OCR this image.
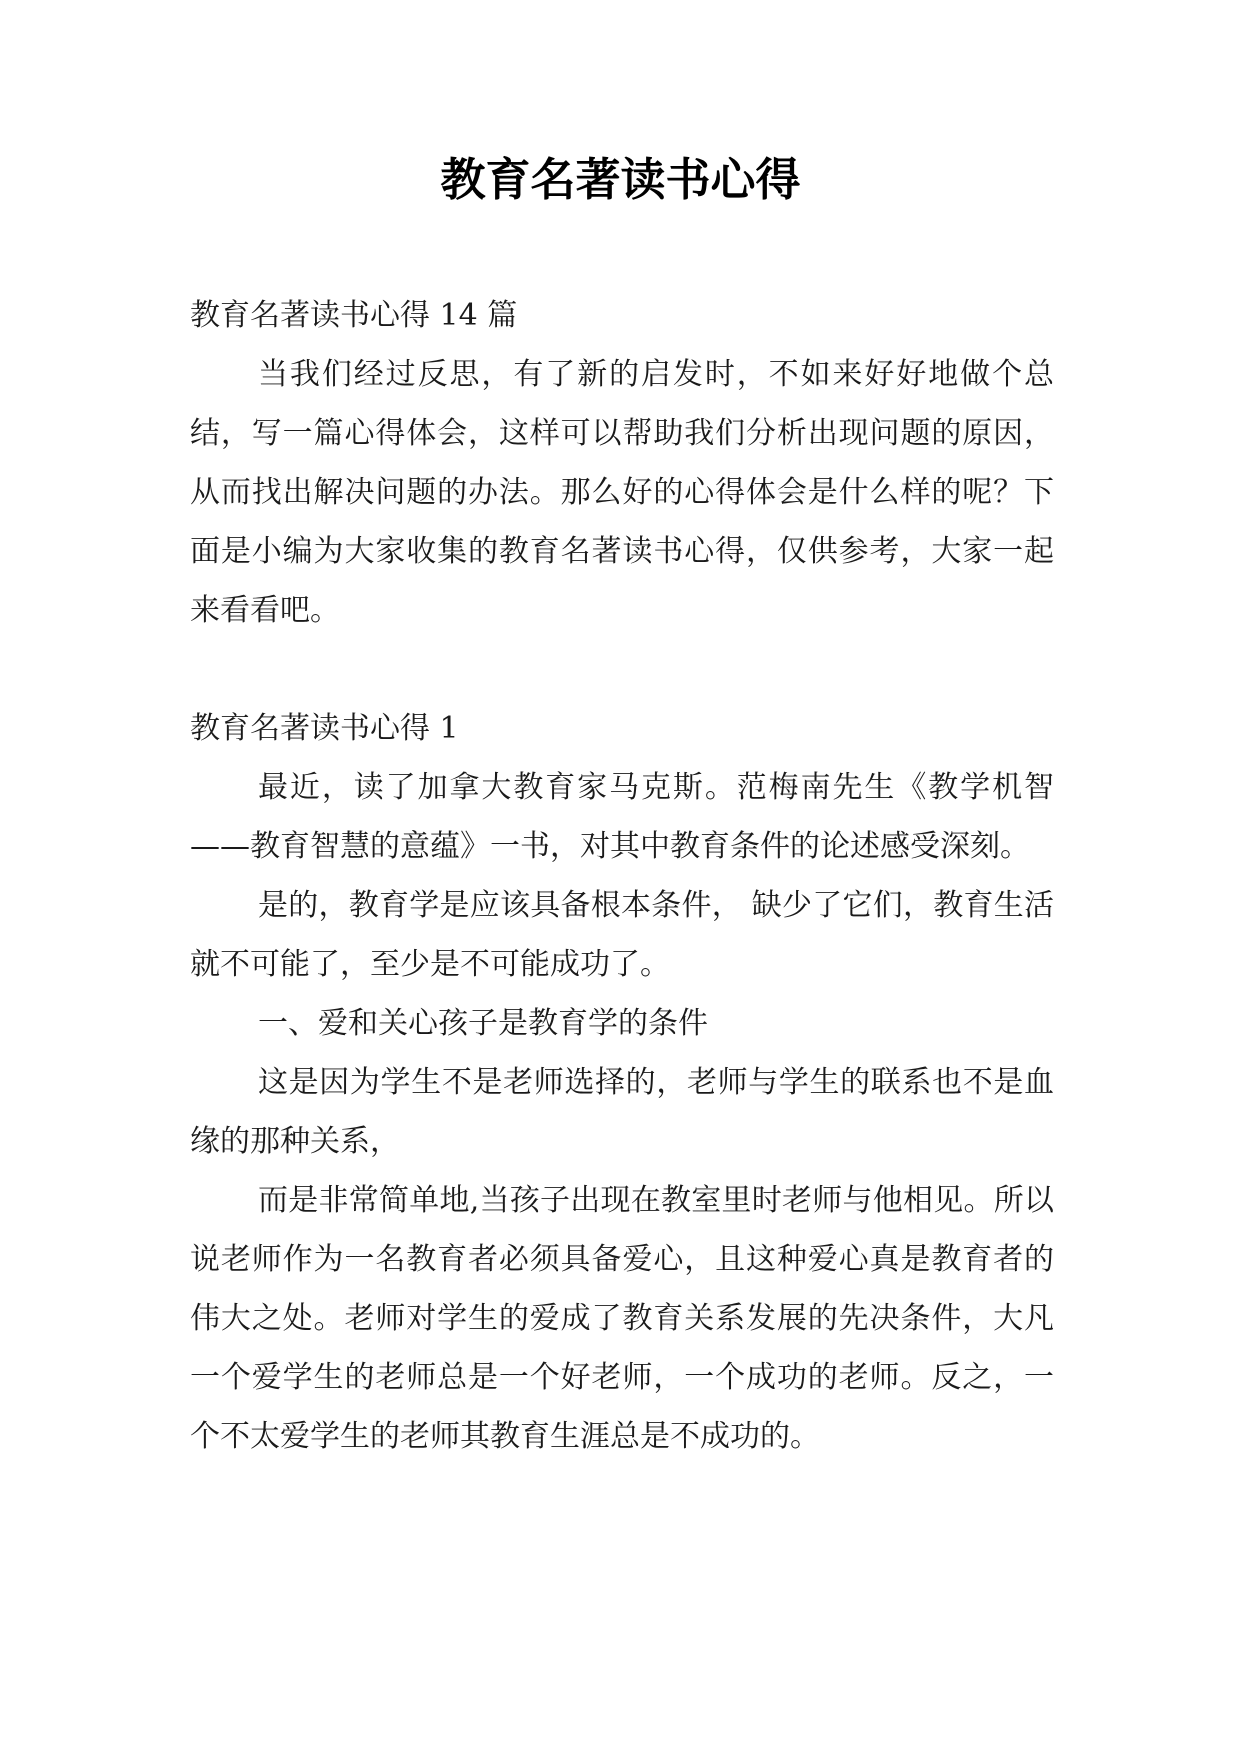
教育名著读书心得

教育名著读书心得 14 篇

当我们经过反思，有了新的启发时，不如来好好地做个总结，写一篇心得体会，这样可以帮助我们分析出现问题的原因，从而找出解决问题的办法。那么好的心得体会是什么样的呢？下面是小编为大家收集的教育名著读书心得，仅供参考，大家一起来看看吧。

教育名著读书心得 1

最近，读了加拿大教育家马克斯。范梅南先生《教学机智——教育智慧的意蕴》一书，对其中教育条件的论述感受深刻。

是的，教育学是应该具备根本条件， 缺少了它们，教育生活就不可能了，至少是不可能成功了。

一、爱和关心孩子是教育学的条件

这是因为学生不是老师选择的，老师与学生的联系也不是血缘的那种关系，

而是非常简单地,当孩子出现在教室里时老师与他相见。所以说老师作为一名教育者必须具备爱心，且这种爱心真是教育者的伟大之处。老师对学生的爱成了教育关系发展的先决条件，大凡一个爱学生的老师总是一个好老师，一个成功的老师。反之，一个不太爱学生的老师其教育生涯总是不成功的。
